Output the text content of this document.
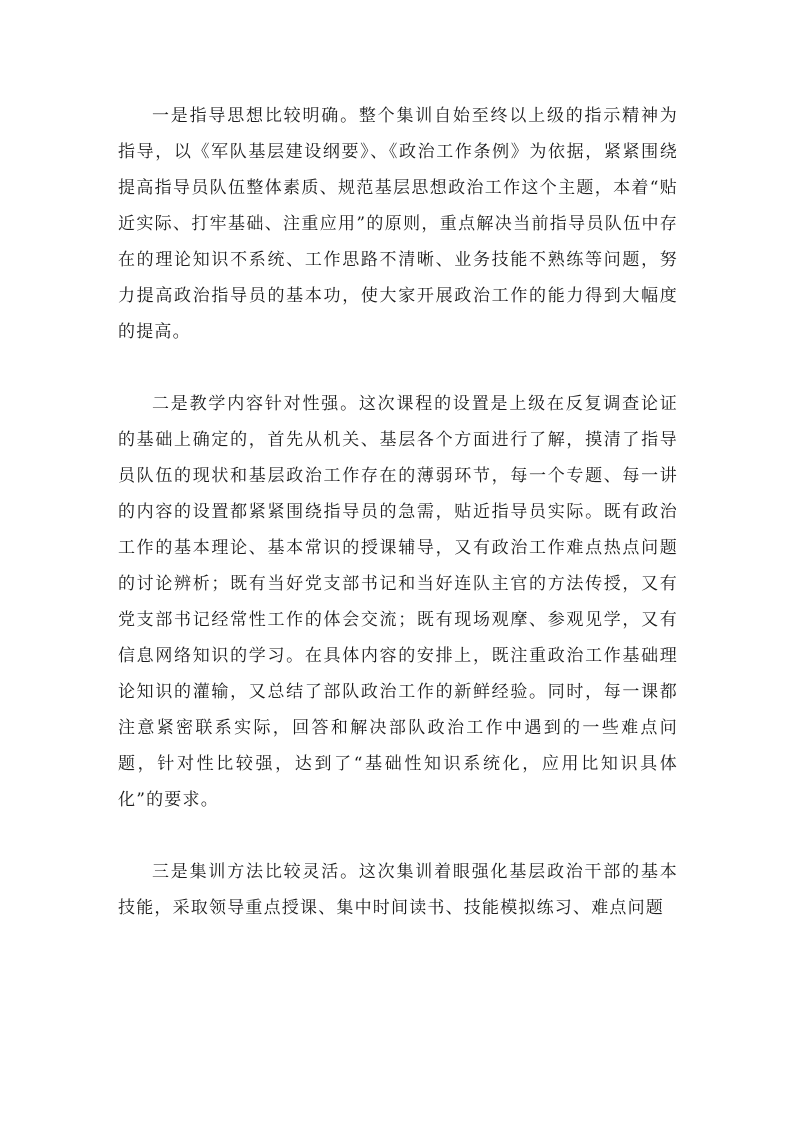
一是指导思想比较明确。整个集训自始至终以上级的指示精神为指导，以《军队基层建设纲要》、《政治工作条例》为依据，紧紧围绕提高指导员队伍整体素质、规范基层思想政治工作这个主题，本着“贴近实际、打牢基础、注重应用”的原则，重点解决当前指导员队伍中存在的理论知识不系统、工作思路不清晰、业务技能不熟练等问题，努力提高政治指导员的基本功，使大家开展政治工作的能力得到大幅度的提高。

二是教学内容针对性强。这次课程的设置是上级在反复调查论证的基础上确定的，首先从机关、基层各个方面进行了解，摸清了指导员队伍的现状和基层政治工作存在的薄弱环节，每一个专题、每一讲的内容的设置都紧紧围绕指导员的急需，贴近指导员实际。既有政治工作的基本理论、基本常识的授课辅导，又有政治工作难点热点问题的讨论辨析；既有当好党支部书记和当好连队主官的方法传授，又有党支部书记经常性工作的体会交流；既有现场观摩、参观见学，又有信息网络知识的学习。在具体内容的安排上，既注重政治工作基础理论知识的灌输，又总结了部队政治工作的新鲜经验。同时，每一课都注意紧密联系实际，回答和解决部队政治工作中遇到的一些难点问题，针对性比较强，达到了“基础性知识系统化，应用比知识具体化”的要求。

三是集训方法比较灵活。这次集训着眼强化基层政治干部的基本技能，采取领导重点授课、集中时间读书、技能模拟练习、难点问题
